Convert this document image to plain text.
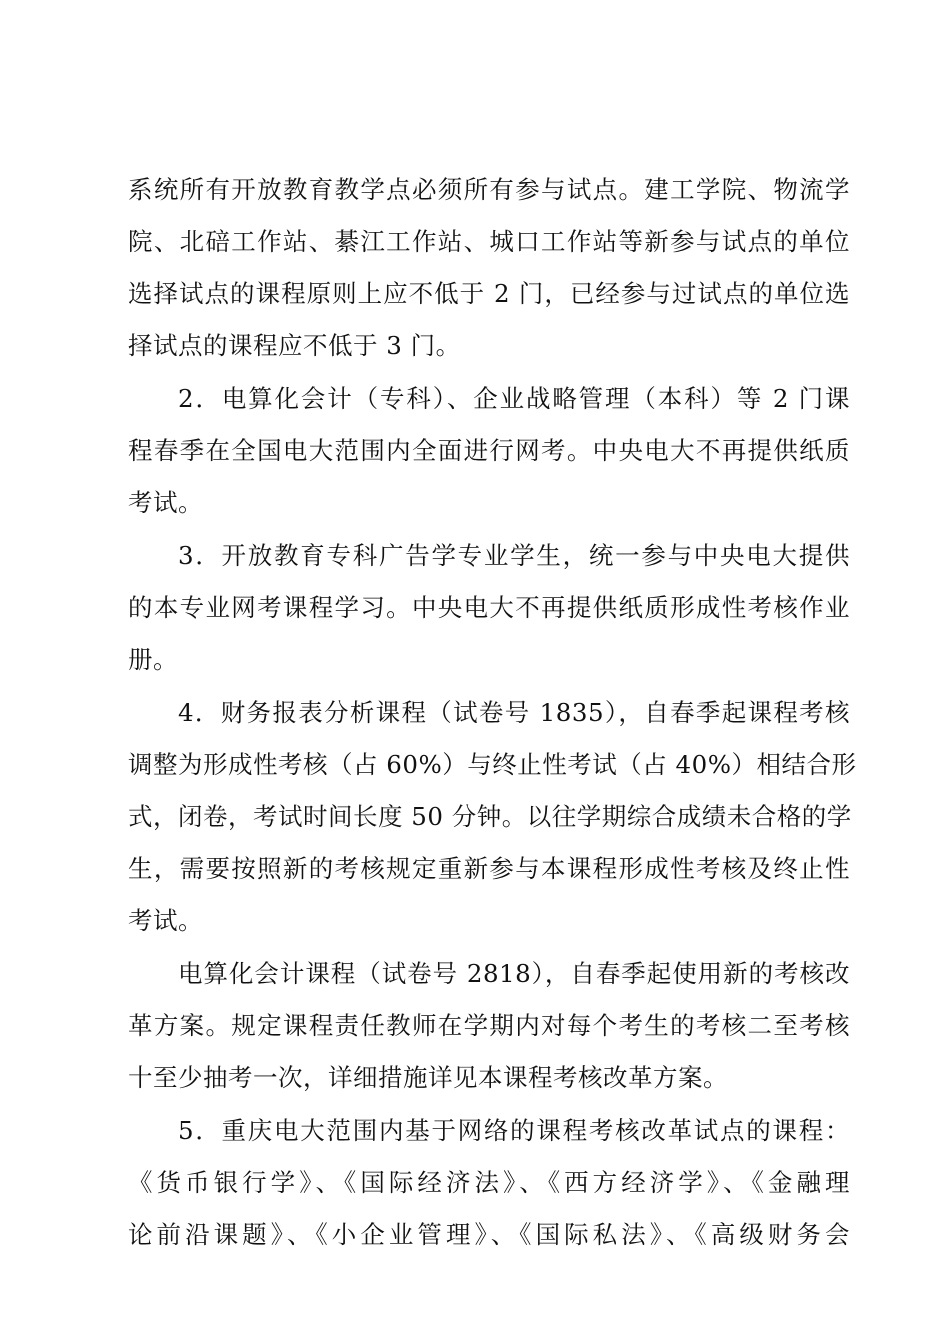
系统所有开放教育教学点必须所有参与试点。建工学院、物流学
院、北碚工作站、綦江工作站、城口工作站等新参与试点的单位
选择试点的课程原则上应不低于 2 门，已经参与过试点的单位选
择试点的课程应不低于 3 门。
2．电算化会计（专科）、企业战略管理（本科）等 2 门课
程春季在全国电大范围内全面进行网考。中央电大不再提供纸质
考试。
3．开放教育专科广告学专业学生，统一参与中央电大提供
的本专业网考课程学习。中央电大不再提供纸质形成性考核作业
册。
4．财务报表分析课程（试卷号 1835），自春季起课程考核
调整为形成性考核（占 60%）与终止性考试（占 40%）相结合形
式，闭卷，考试时间长度 50 分钟。以往学期综合成绩未合格的学
生，需要按照新的考核规定重新参与本课程形成性考核及终止性
考试。
电算化会计课程（试卷号 2818），自春季起使用新的考核改
革方案。规定课程责任教师在学期内对每个考生的考核二至考核
十至少抽考一次，详细措施详见本课程考核改革方案。
5．重庆电大范围内基于网络的课程考核改革试点的课程：
《货币银行学》、《国际经济法》、《西方经济学》、《金融理
论前沿课题》、《小企业管理》、《国际私法》、《高级财务会
